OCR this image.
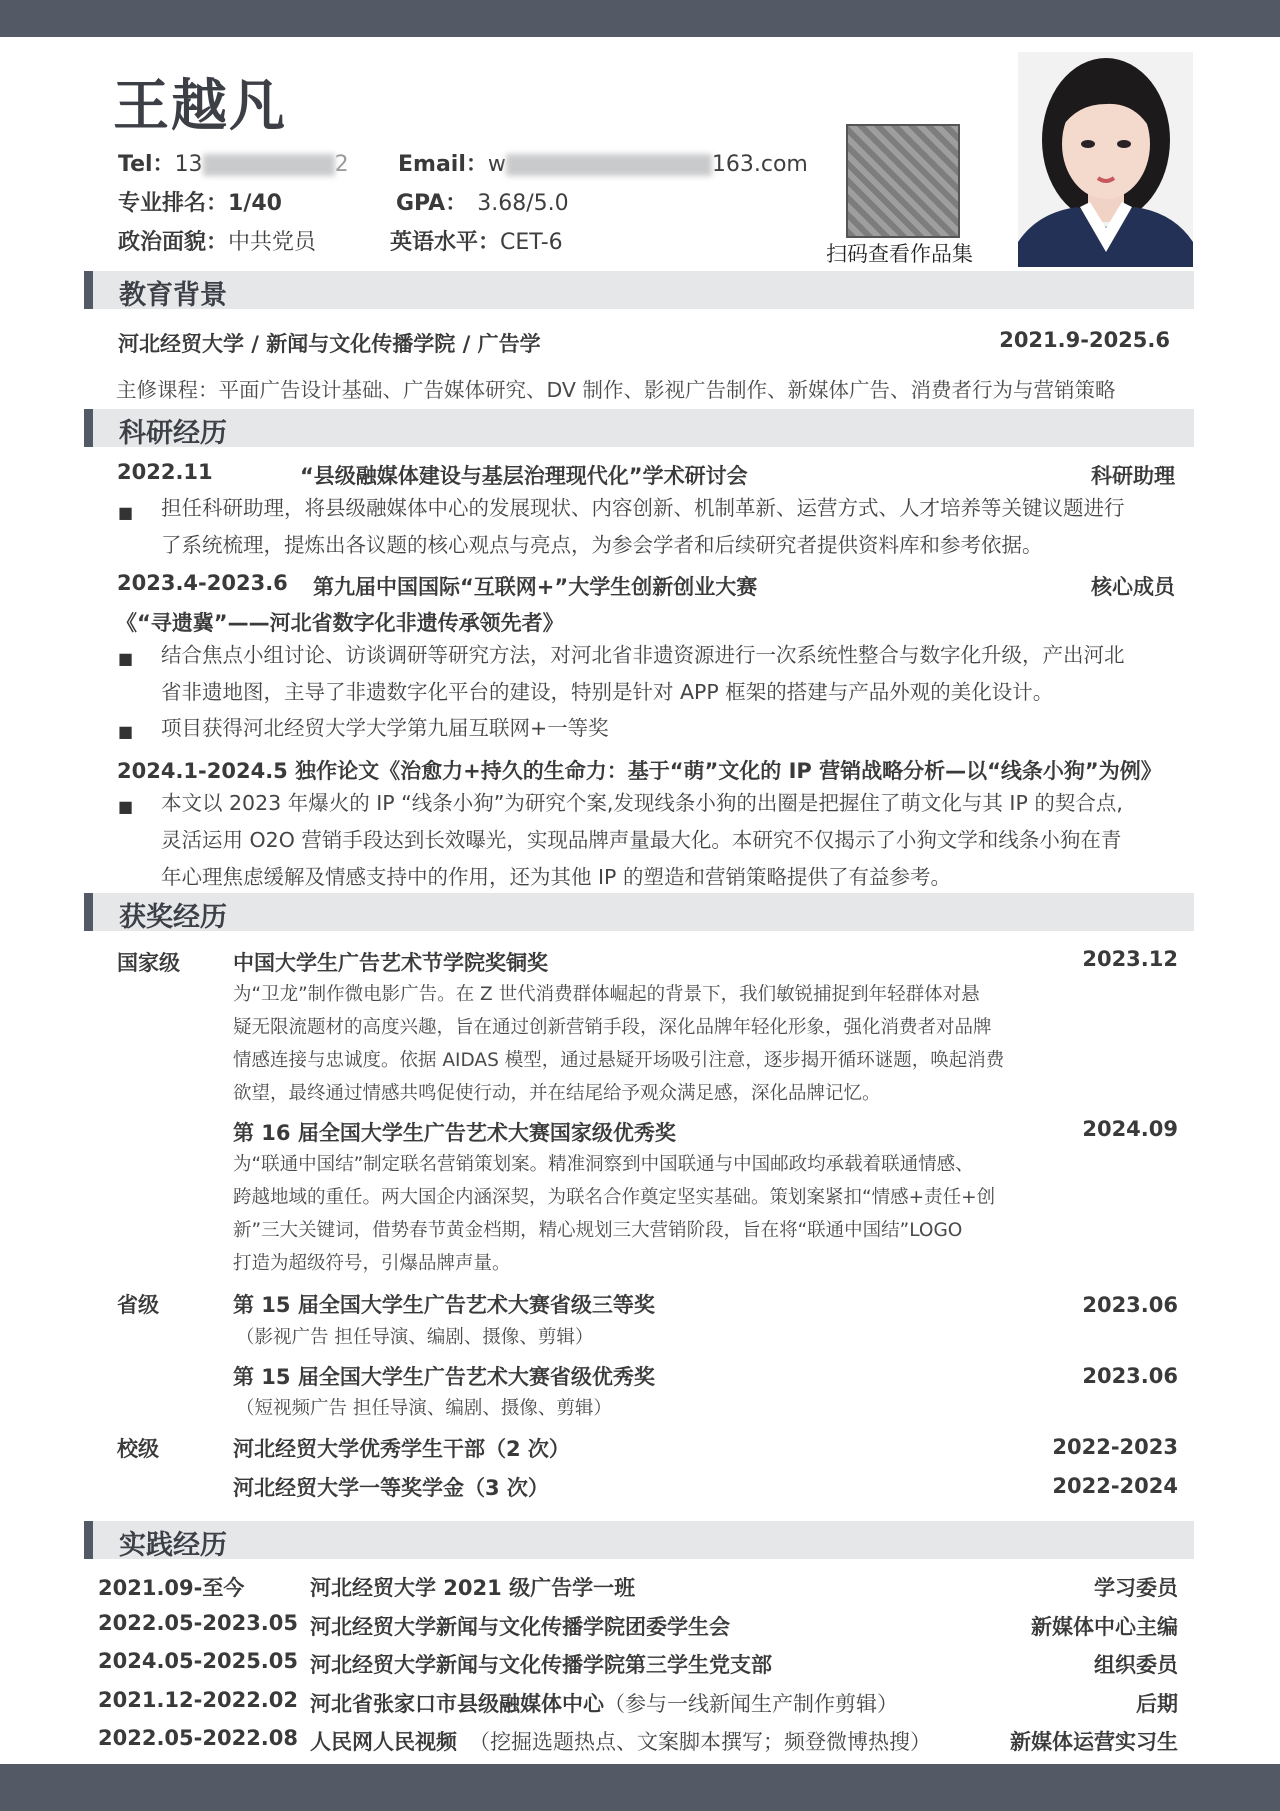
王越凡
Tel：13	2 Email：w	163.com
专业排名：1/40	GPA： 3.68/5.0
政治面貌：中共党员	英语水平：CET-6	扫码查看作品集
教育背景
河北经贸大学 / 新闻与文化传播学院 / 广告学	2021.9-2025.6
主修课程：平面广告设计基础、广告媒体研究、DV 制作、影视广告制作、新媒体广告、消费者行为与营销策略
科研经历
2022.11	“县级融媒体建设与基层治理现代化”学术研讨会	科研助理
■ 担任科研助理，将县级融媒体中心的发展现状、内容创新、机制革新、运营方式、人才培养等关键议题进行
了系统梳理，提炼出各议题的核心观点与亮点，为参会学者和后续研究者提供资料库和参考依据。
2023.4-2023.6 第九届中国国际“互联网+”大学生创新创业大赛	核心成员
《“寻遗冀”——河北省数字化非遗传承领先者》
■ 结合焦点小组讨论、访谈调研等研究方法，对河北省非遗资源进行一次系统性整合与数字化升级，产出河北
省非遗地图，主导了非遗数字化平台的建设，特别是针对 APP 框架的搭建与产品外观的美化设计。
■ 项目获得河北经贸大学大学第九届互联网+一等奖
2024.1-2024.5 独作论文《治愈力+持久的生命力：基于“萌”文化的 IP 营销战略分析—以“线条小狗”为例》
■ 本文以 2023 年爆火的 IP “线条小狗”为研究个案,发现线条小狗的出圈是把握住了萌文化与其 IP 的契合点,
灵活运用 O2O 营销手段达到长效曝光，实现品牌声量最大化。本研究不仅揭示了小狗文学和线条小狗在青
年心理焦虑缓解及情感支持中的作用，还为其他 IP 的塑造和营销策略提供了有益参考。
获奖经历
国家级	中国大学生广告艺术节学院奖铜奖	2023.12
为“卫龙”制作微电影广告。在 Z 世代消费群体崛起的背景下，我们敏锐捕捉到年轻群体对悬
疑无限流题材的高度兴趣，旨在通过创新营销手段，深化品牌年轻化形象，强化消费者对品牌
情感连接与忠诚度。依据 AIDAS 模型，通过悬疑开场吸引注意，逐步揭开循环谜题，唤起消费
欲望，最终通过情感共鸣促使行动，并在结尾给予观众满足感，深化品牌记忆。
第 16 届全国大学生广告艺术大赛国家级优秀奖	2024.09
为“联通中国结”制定联名营销策划案。精准洞察到中国联通与中国邮政均承载着联通情感、
跨越地域的重任。两大国企内涵深契，为联名合作奠定坚实基础。策划案紧扣“情感+责任+创
新”三大关键词，借势春节黄金档期，精心规划三大营销阶段，旨在将“联通中国结”LOGO
打造为超级符号，引爆品牌声量。
省级	第 15 届全国大学生广告艺术大赛省级三等奖	2023.06
（影视广告 担任导演、编剧、摄像、剪辑）
第 15 届全国大学生广告艺术大赛省级优秀奖	2023.06
（短视频广告 担任导演、编剧、摄像、剪辑）
校级	河北经贸大学优秀学生干部（2 次）	2022-2023
河北经贸大学一等奖学金（3 次）	2022-2024
实践经历
2021.09-至今	河北经贸大学 2021 级广告学一班	学习委员
2022.05-2023.05 河北经贸大学新闻与文化传播学院团委学生会	新媒体中心主编
2024.05-2025.05 河北经贸大学新闻与文化传播学院第三学生党支部	组织委员
2021.12-2022.02 河北省张家口市县级融媒体中心（参与一线新闻生产制作剪辑）	后期
2022.05-2022.08 人民网人民视频 （挖掘选题热点、文案脚本撰写；频登微博热搜）	新媒体运营实习生
